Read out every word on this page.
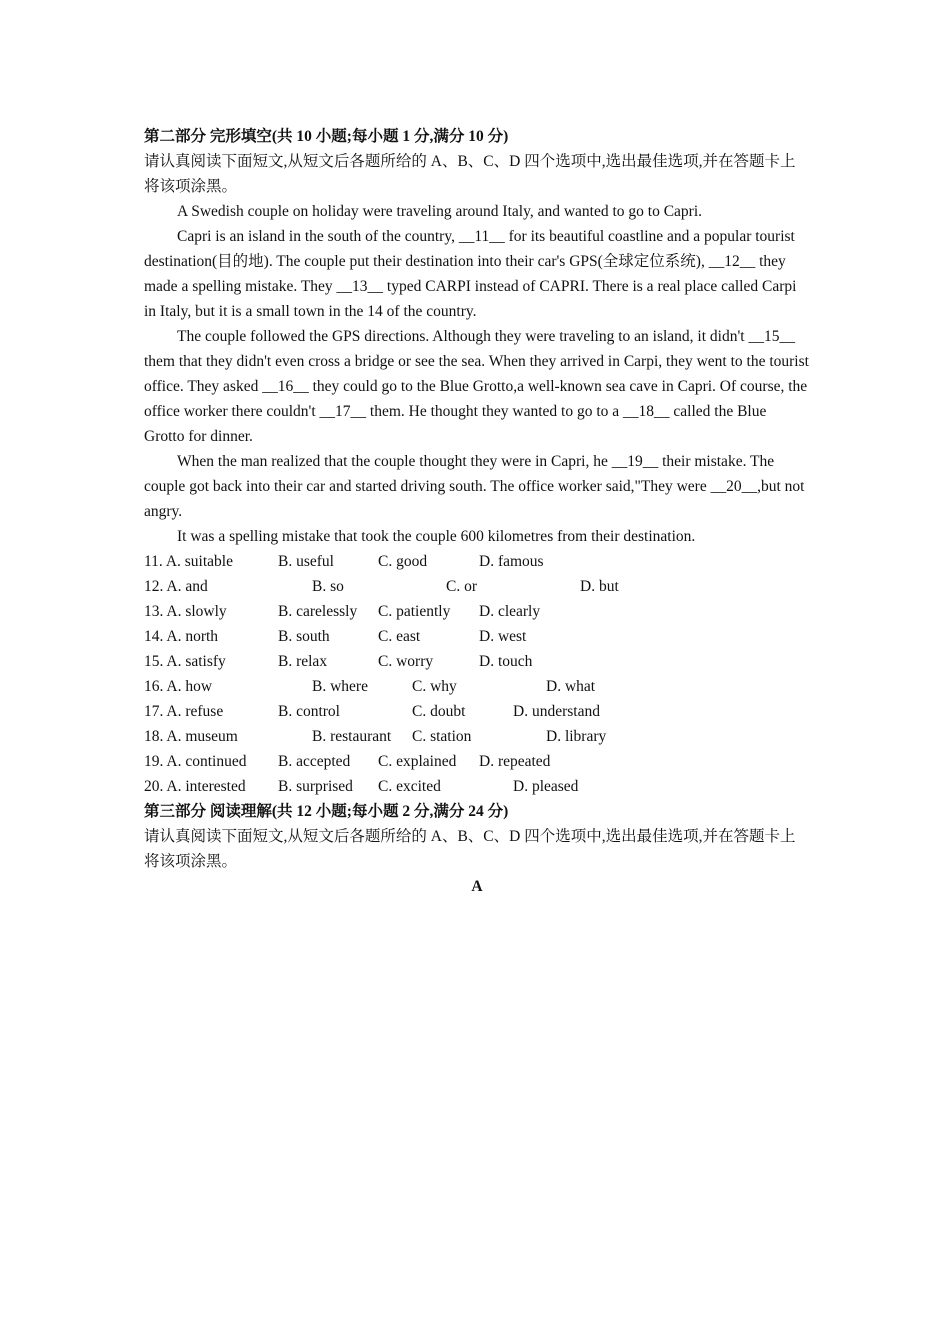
第二部分 完形填空(共 10 小题;每小题 1 分,满分 10 分)
请认真阅读下面短文,从短文后各题所给的 A、B、C、D 四个选项中,选出最佳选项,并在答题卡上将该项涂黑。
A Swedish couple on holiday were traveling around Italy, and wanted to go to Capri.
Capri is an island in the south of the country, __11__ for its beautiful coastline and a popular tourist destination(目的地). The couple put their destination into their car's GPS(全球定位系统), __12__ they made a spelling mistake. They __13__ typed CARPI instead of CAPRI. There is a real place called Carpi in Italy, but it is a small town in the 14 of the country.
The couple followed the GPS directions. Although they were traveling to an island, it didn't __15__ them that they didn't even cross a bridge or see the sea. When they arrived in Carpi, they went to the tourist office. They asked __16__ they could go to the Blue Grotto,a well-known sea cave in Capri. Of course, the office worker there couldn't __17__ them. He thought they wanted to go to a __18__ called the Blue Grotto for dinner.
When the man realized that the couple thought they were in Capri, he __19__ their mistake. The couple got back into their car and started driving south. The office worker said,"They were __20__,but not angry.
It was a spelling mistake that took the couple 600 kilometres from their destination.
11. A. suitable	B. useful	C. good	D. famous
12. A. and	B. so	C. or	D. but
13. A. slowly	B. carelessly C. patiently D. clearly
14. A. north	B. south	C. east	D. west
15. A. satisfy	B. relax	C. worry	D. touch
16. A. how	B. where	C. why	D. what
17. A. refuse	B. control	C. doubt	D. understand
18. A. museum	B. restaurant C. station	D. library
19. A. continued B. accepted C. explained D. repeated
20. A. interested B. surprised C. excited	D. pleased
第三部分 阅读理解(共 12 小题;每小题 2 分,满分 24 分)
请认真阅读下面短文,从短文后各题所给的 A、B、C、D 四个选项中,选出最佳选项,并在答题卡上将该项涂黑。
A
